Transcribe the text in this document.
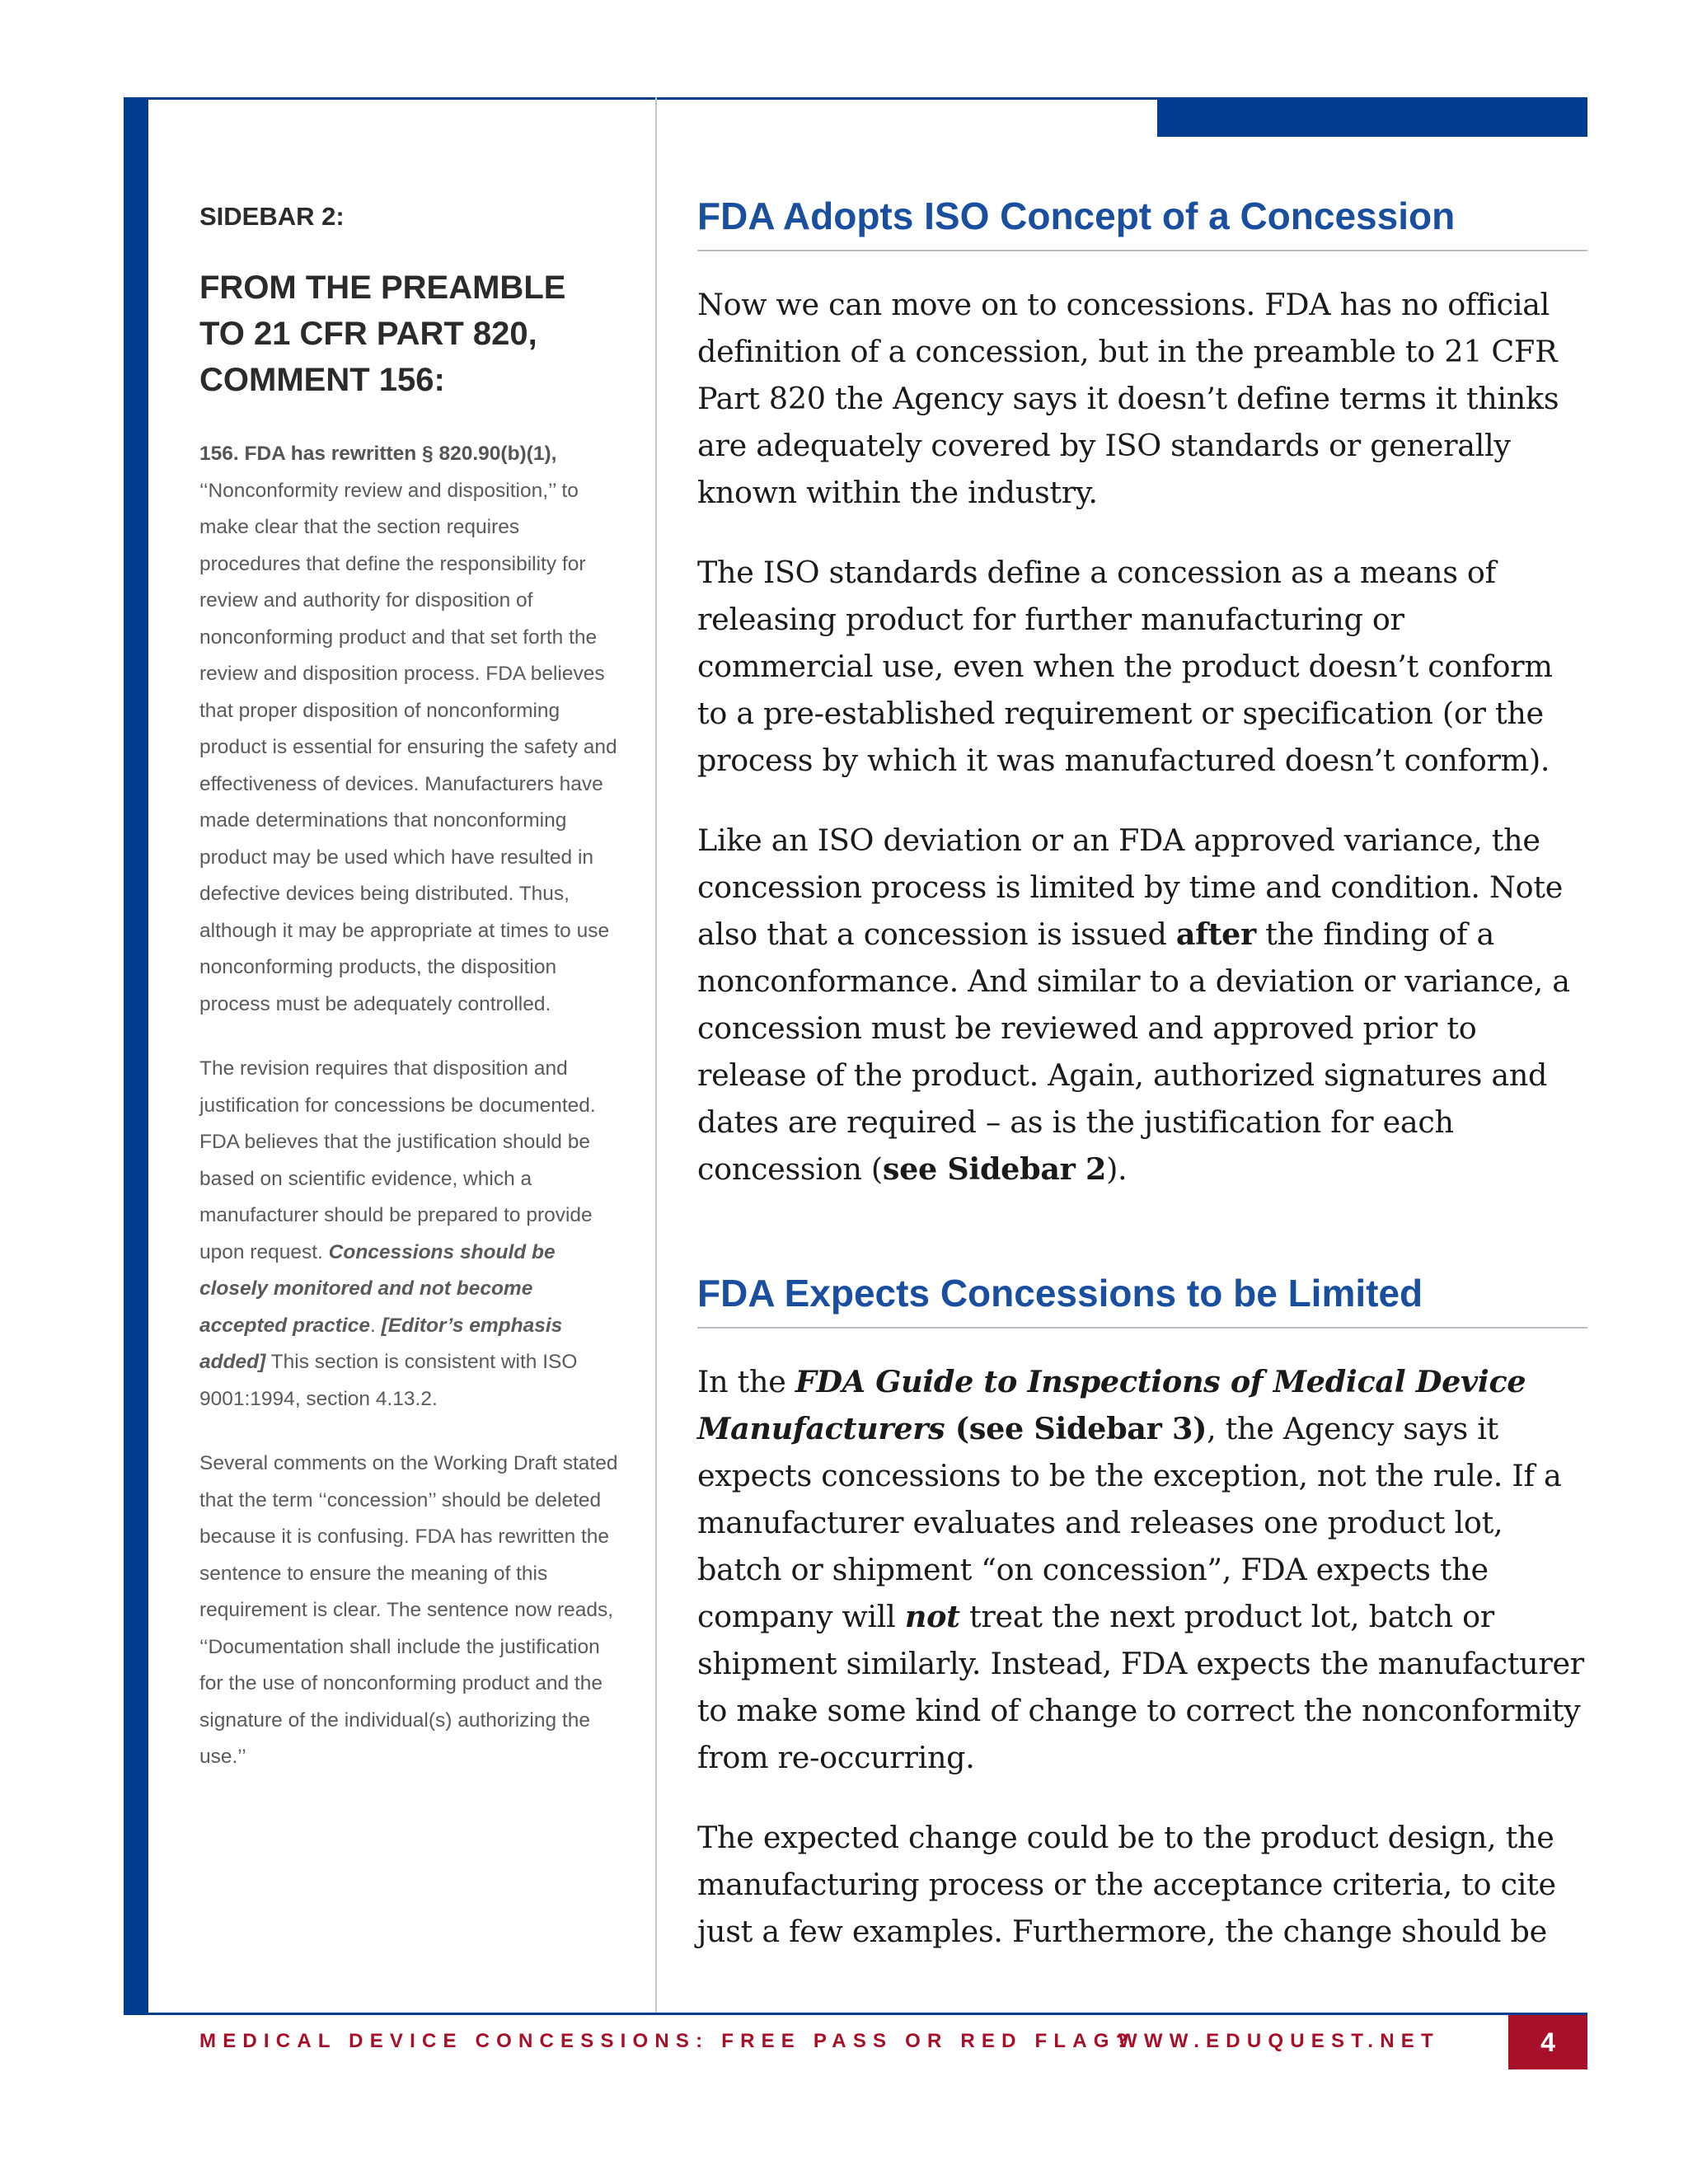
SIDEBAR 2:
FROM THE PREAMBLE
TO 21 CFR PART 820,
COMMENT 156:

156. FDA has rewritten § 820.90(b)(1), ‘‘Nonconformity review and disposition,’’ to make clear that the section requires procedures that define the responsibility for review and authority for disposition of nonconforming product and that set forth the review and disposition process. FDA believes that proper disposition of nonconforming product is essential for ensuring the safety and effectiveness of devices. Manufacturers have made determinations that nonconforming product may be used which have resulted in defective devices being distributed. Thus, although it may be appropriate at times to use nonconforming products, the disposition process must be adequately controlled.

The revision requires that disposition and justification for concessions be documented. FDA believes that the justification should be based on scientific evidence, which a manufacturer should be prepared to provide upon request. Concessions should be closely monitored and not become accepted practice. [Editor’s emphasis added] This section is consistent with ISO 9001:1994, section 4.13.2.

Several comments on the Working Draft stated that the term ‘‘concession’’ should be deleted because it is confusing. FDA has rewritten the sentence to ensure the meaning of this requirement is clear. The sentence now reads, ‘‘Documentation shall include the justification for the use of nonconforming product and the signature of the individual(s) authorizing the use.’’

FDA Adopts ISO Concept of a Concession

Now we can move on to concessions. FDA has no official definition of a concession, but in the preamble to 21 CFR Part 820 the Agency says it doesn’t define terms it thinks are adequately covered by ISO standards or generally known within the industry.

The ISO standards define a concession as a means of releasing product for further manufacturing or commercial use, even when the product doesn’t conform to a pre-established requirement or specification (or the process by which it was manufactured doesn’t conform).

Like an ISO deviation or an FDA approved variance, the concession process is limited by time and condition. Note also that a concession is issued after the finding of a nonconformance. And similar to a deviation or variance, a concession must be reviewed and approved prior to release of the product. Again, authorized signatures and dates are required – as is the justification for each concession (see Sidebar 2).

FDA Expects Concessions to be Limited

In the FDA Guide to Inspections of Medical Device Manufacturers (see Sidebar 3), the Agency says it expects concessions to be the exception, not the rule. If a manufacturer evaluates and releases one product lot, batch or shipment “on concession”, FDA expects the company will not treat the next product lot, batch or shipment similarly. Instead, FDA expects the manufacturer to make some kind of change to correct the nonconformity from re-occurring.

The expected change could be to the product design, the manufacturing process or the acceptance criteria, to cite just a few examples. Furthermore, the change should be

MEDICAL DEVICE CONCESSIONS: FREE PASS OR RED FLAG?
WWW.EDUQUEST.NET	4
